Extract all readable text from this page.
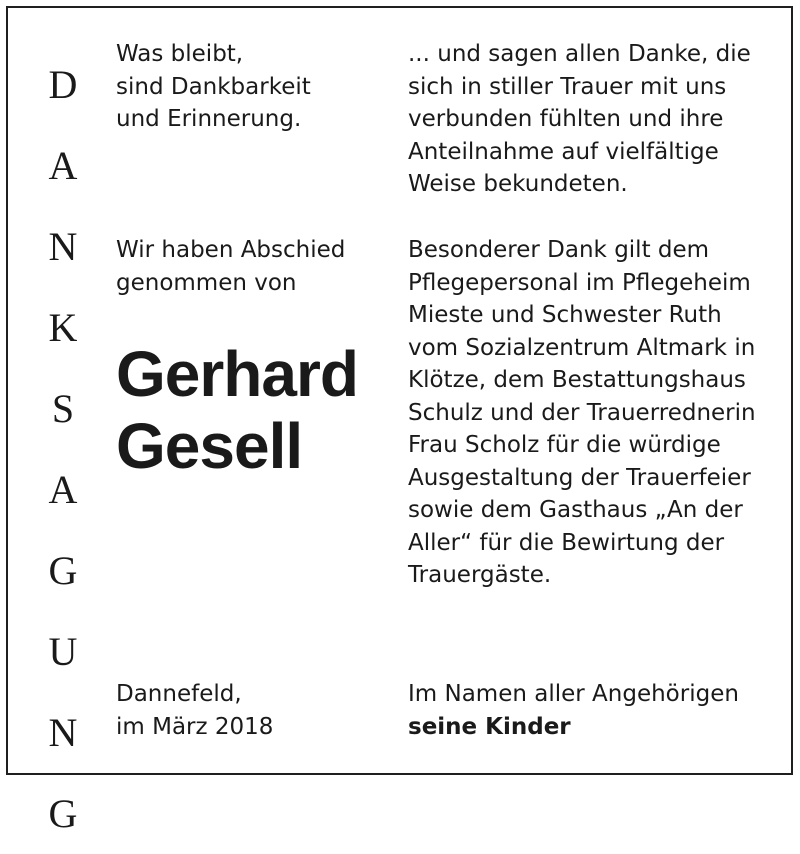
D
A
N
K
S
A
G
U
N
G

Was bleibt,

sind Dankbarkeit

und Erinnerung.

Wir haben Abschied

genommen von

Gerhard
Gesell

Dannefeld,

im März 2018

... und sagen allen Danke, die

sich in stiller Trauer mit uns

verbunden fühlten und ihre

Anteilnahme auf vielfältige

Weise bekundeten.

Besonderer Dank gilt dem

Pflegepersonal im Pflegeheim

Mieste und Schwester Ruth

vom Sozialzentrum Altmark in

Klötze, dem Bestattungshaus

Schulz und der Trauerrednerin

Frau Scholz für die würdige

Ausgestaltung der Trauerfeier

sowie dem Gasthaus „An der

Aller“ für die Bewirtung der

Trauergäste.

Im Namen aller Angehörigen

seine Kinder
